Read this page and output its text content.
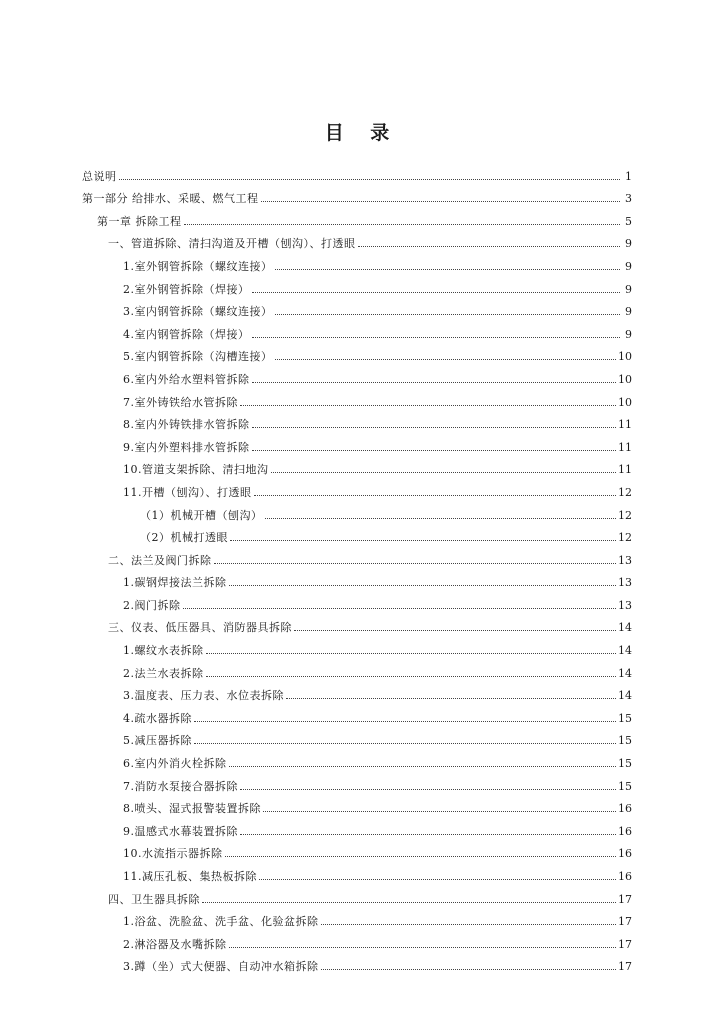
目 录
总说明	1
第一部分 给排水、采暖、燃气工程	3
第一章 拆除工程	5
一、管道拆除、清扫沟道及开槽（刨沟）、打透眼	9
1.室外钢管拆除（螺纹连接）	9
2.室外钢管拆除（焊接）	9
3.室内钢管拆除（螺纹连接）	9
4.室内钢管拆除（焊接）	9
5.室内钢管拆除（沟槽连接）	10
6.室内外给水塑料管拆除	10
7.室外铸铁给水管拆除	10
8.室内外铸铁排水管拆除	11
9.室内外塑料排水管拆除	11
10.管道支架拆除、清扫地沟	11
11.开槽（刨沟）、打透眼	12
（1）机械开槽（刨沟）	12
（2）机械打透眼	12
二、法兰及阀门拆除	13
1.碳钢焊接法兰拆除	13
2.阀门拆除	13
三、仪表、低压器具、消防器具拆除	14
1.螺纹水表拆除	14
2.法兰水表拆除	14
3.温度表、压力表、水位表拆除	14
4.疏水器拆除	15
5.减压器拆除	15
6.室内外消火栓拆除	15
7.消防水泵接合器拆除	15
8.喷头、湿式报警装置拆除	16
9.温感式水幕装置拆除	16
10.水流指示器拆除	16
11.减压孔板、集热板拆除	16
四、卫生器具拆除	17
1.浴盆、洗脸盆、洗手盆、化验盆拆除	17
2.淋浴器及水嘴拆除	17
3.蹲（坐）式大便器、自动冲水箱拆除	17
